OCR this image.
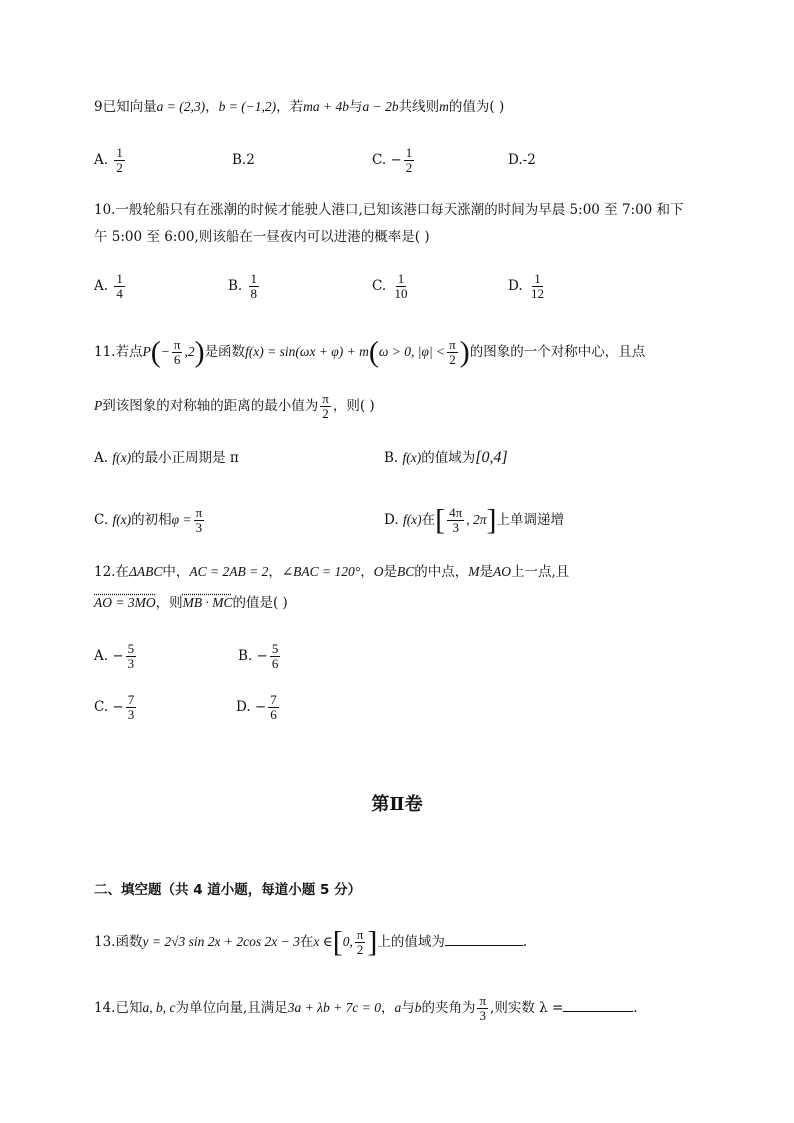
9已知向量a = (2,3)，b = (−1,2)，若ma + 4b与a − 2b共线则m的值为( )
A. $\frac{1}{2}$	B.2	C. − $\frac{1}{2}$	D.-2
10.一般轮船只有在涨潮的时候才能驶人港口,已知该港口每天涨潮的时间为早晨 5:00 至 7:00 和下
午 5:00 至 6:00,则该船在一昼夜内可以进港的概率是( )
A. $\frac{1}{4}$	B. $\frac{1}{8}$	C. $\frac{1}{10}$	D. $\frac{1}{12}$
11.若点$P(- \frac{\pi}{6} ,2)$是函数f(x) = sin(ωx + φ) + m(ω > 0, $|\varphi| < \frac{\pi}{2}$ )的图象的一个对称中心，且点
P到该图象的对称轴的距离的最小值为 $\frac{\pi}{2}$ ，则( )
A. f(x)的最小正周期是 π	B. f(x)的值域为[0,4]
C. f(x)的初相$\varphi = \frac{\pi}{3}$	D. f(x)在[ $\frac{4\pi}{3}$ , 2π]上单调递增
12.在ΔABC中，AC = 2AB = 2，∠BAC = 120°，O是BC的中点，M是AO上一点,且
AO = 3MO，则MB · MC的值是( )
A. − $\frac{5}{3}$	B. − $\frac{5}{6}$
C. − $\frac{7}{3}$	D. − $\frac{7}{6}$
第Ⅱ卷
二、填空题（共 4 道小题，每道小题 5 分）
13.函数y = 2√3 sin 2x + 2cos 2x − 3在x ∈[0, $\frac{\pi}{2}$ ]上的值域为	.
14.已知a, b, c为单位向量,且满足3a + λb + 7c = 0，a与b的夹角为 $\frac{\pi}{3}$ ,则实数 λ =	.
